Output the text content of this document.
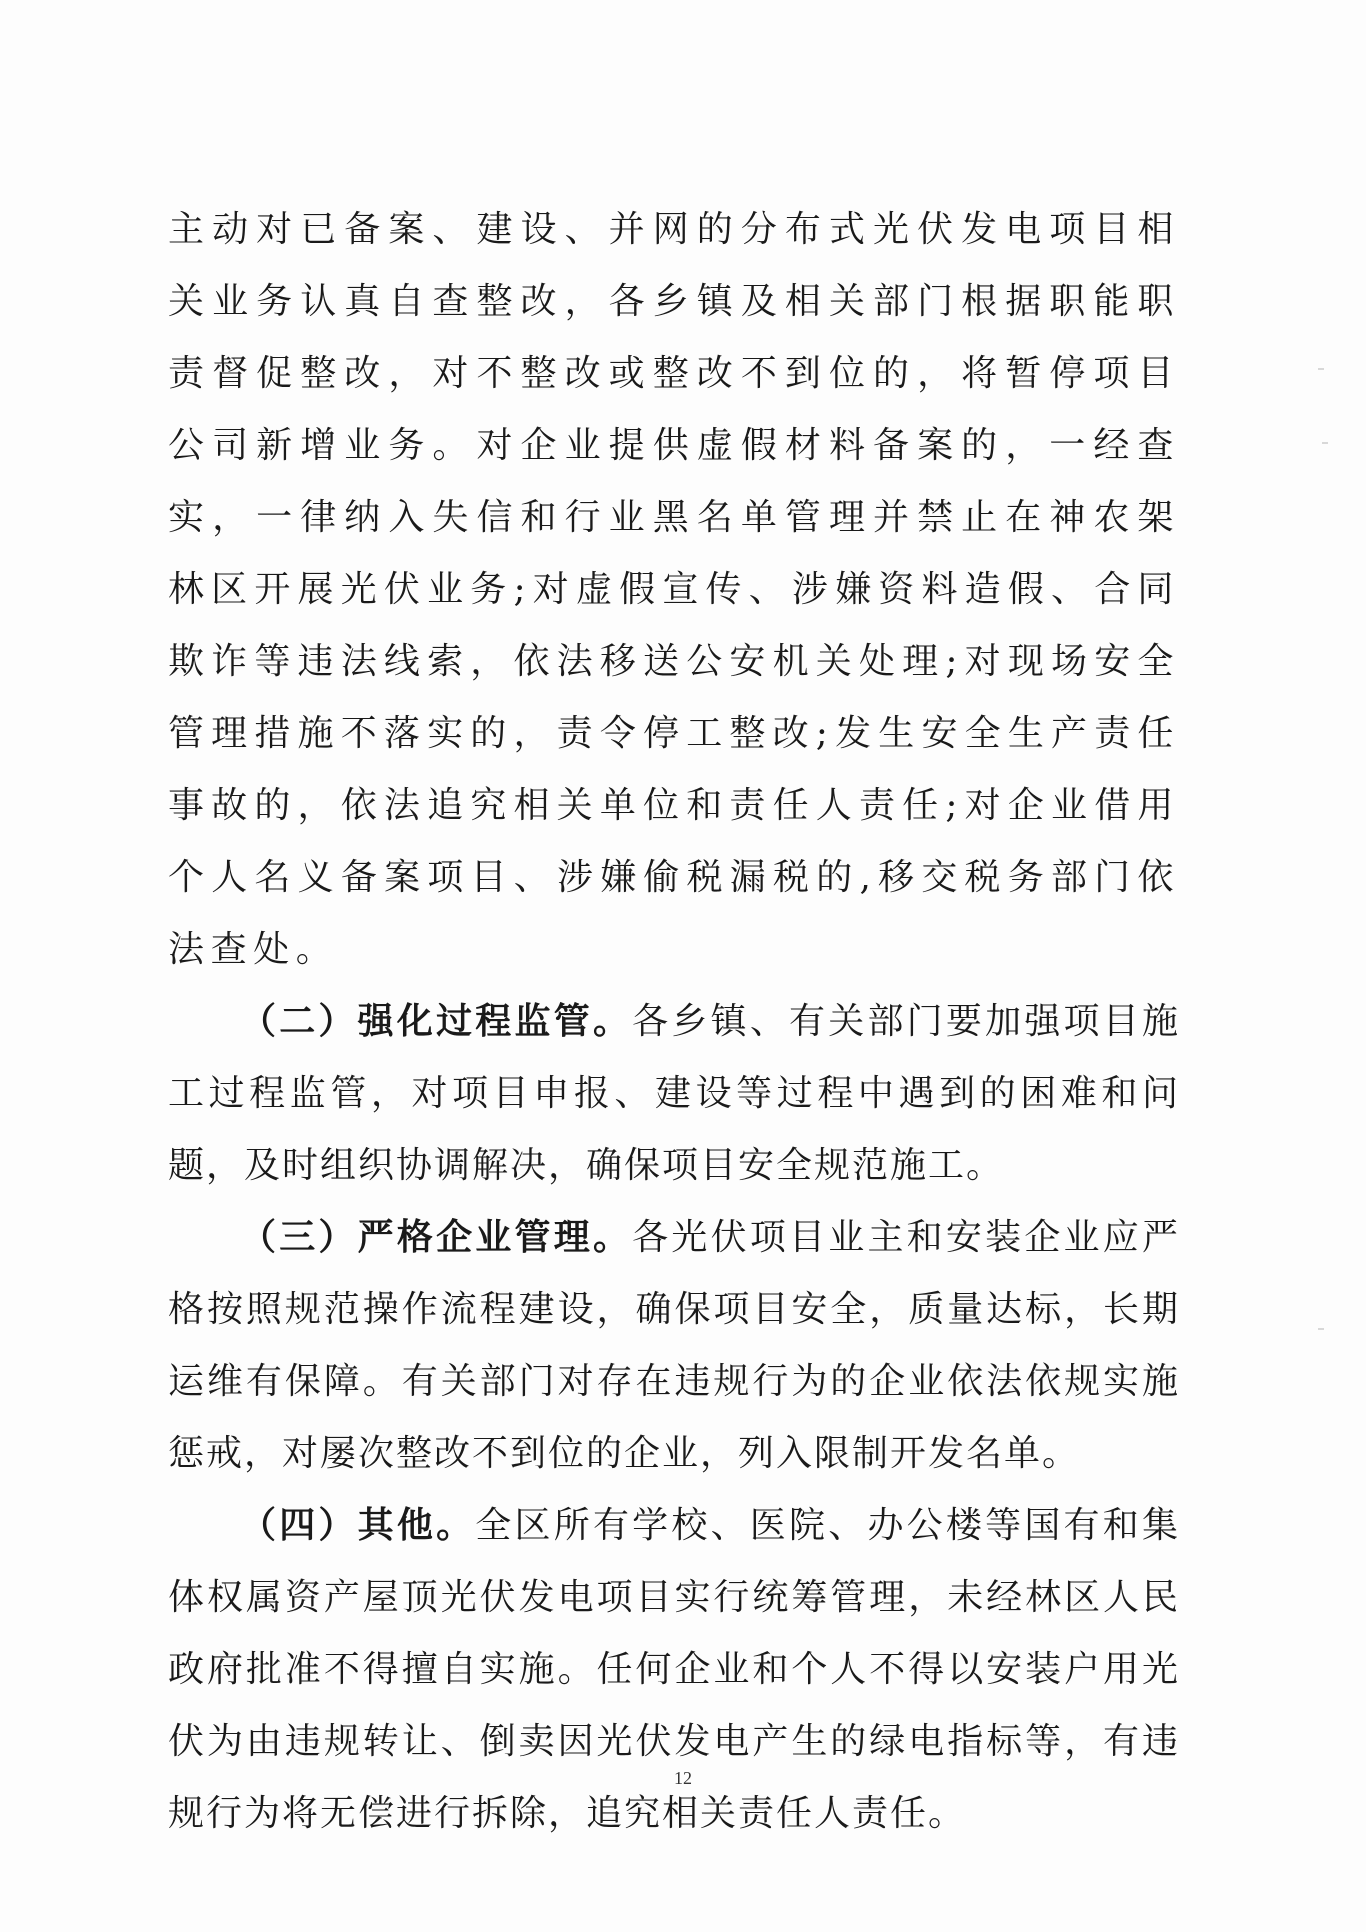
主动对已备案、建设、并网的分布式光伏发电项目相关业务认真自查整改，各乡镇及相关部门根据职能职责督促整改，对不整改或整改不到位的，将暂停项目公司新增业务。对企业提供虚假材料备案的，一经查实，一律纳入失信和行业黑名单管理并禁止在神农架林区开展光伏业务;对虚假宣传、涉嫌资料造假、合同欺诈等违法线索，依法移送公安机关处理;对现场安全管理措施不落实的，责令停工整改;发生安全生产责任事故的，依法追究相关单位和责任人责任;对企业借用个人名义备案项目、涉嫌偷税漏税的,移交税务部门依法查处。

（二）强化过程监管。各乡镇、有关部门要加强项目施工过程监管，对项目申报、建设等过程中遇到的困难和问题，及时组织协调解决，确保项目安全规范施工。

（三）严格企业管理。各光伏项目业主和安装企业应严格按照规范操作流程建设，确保项目安全，质量达标，长期运维有保障。有关部门对存在违规行为的企业依法依规实施惩戒，对屡次整改不到位的企业，列入限制开发名单。

（四）其他。全区所有学校、医院、办公楼等国有和集体权属资产屋顶光伏发电项目实行统筹管理，未经林区人民政府批准不得擅自实施。任何企业和个人不得以安装户用光伏为由违规转让、倒卖因光伏发电产生的绿电指标等，有违规行为将无偿进行拆除，追究相关责任人责任。

12
